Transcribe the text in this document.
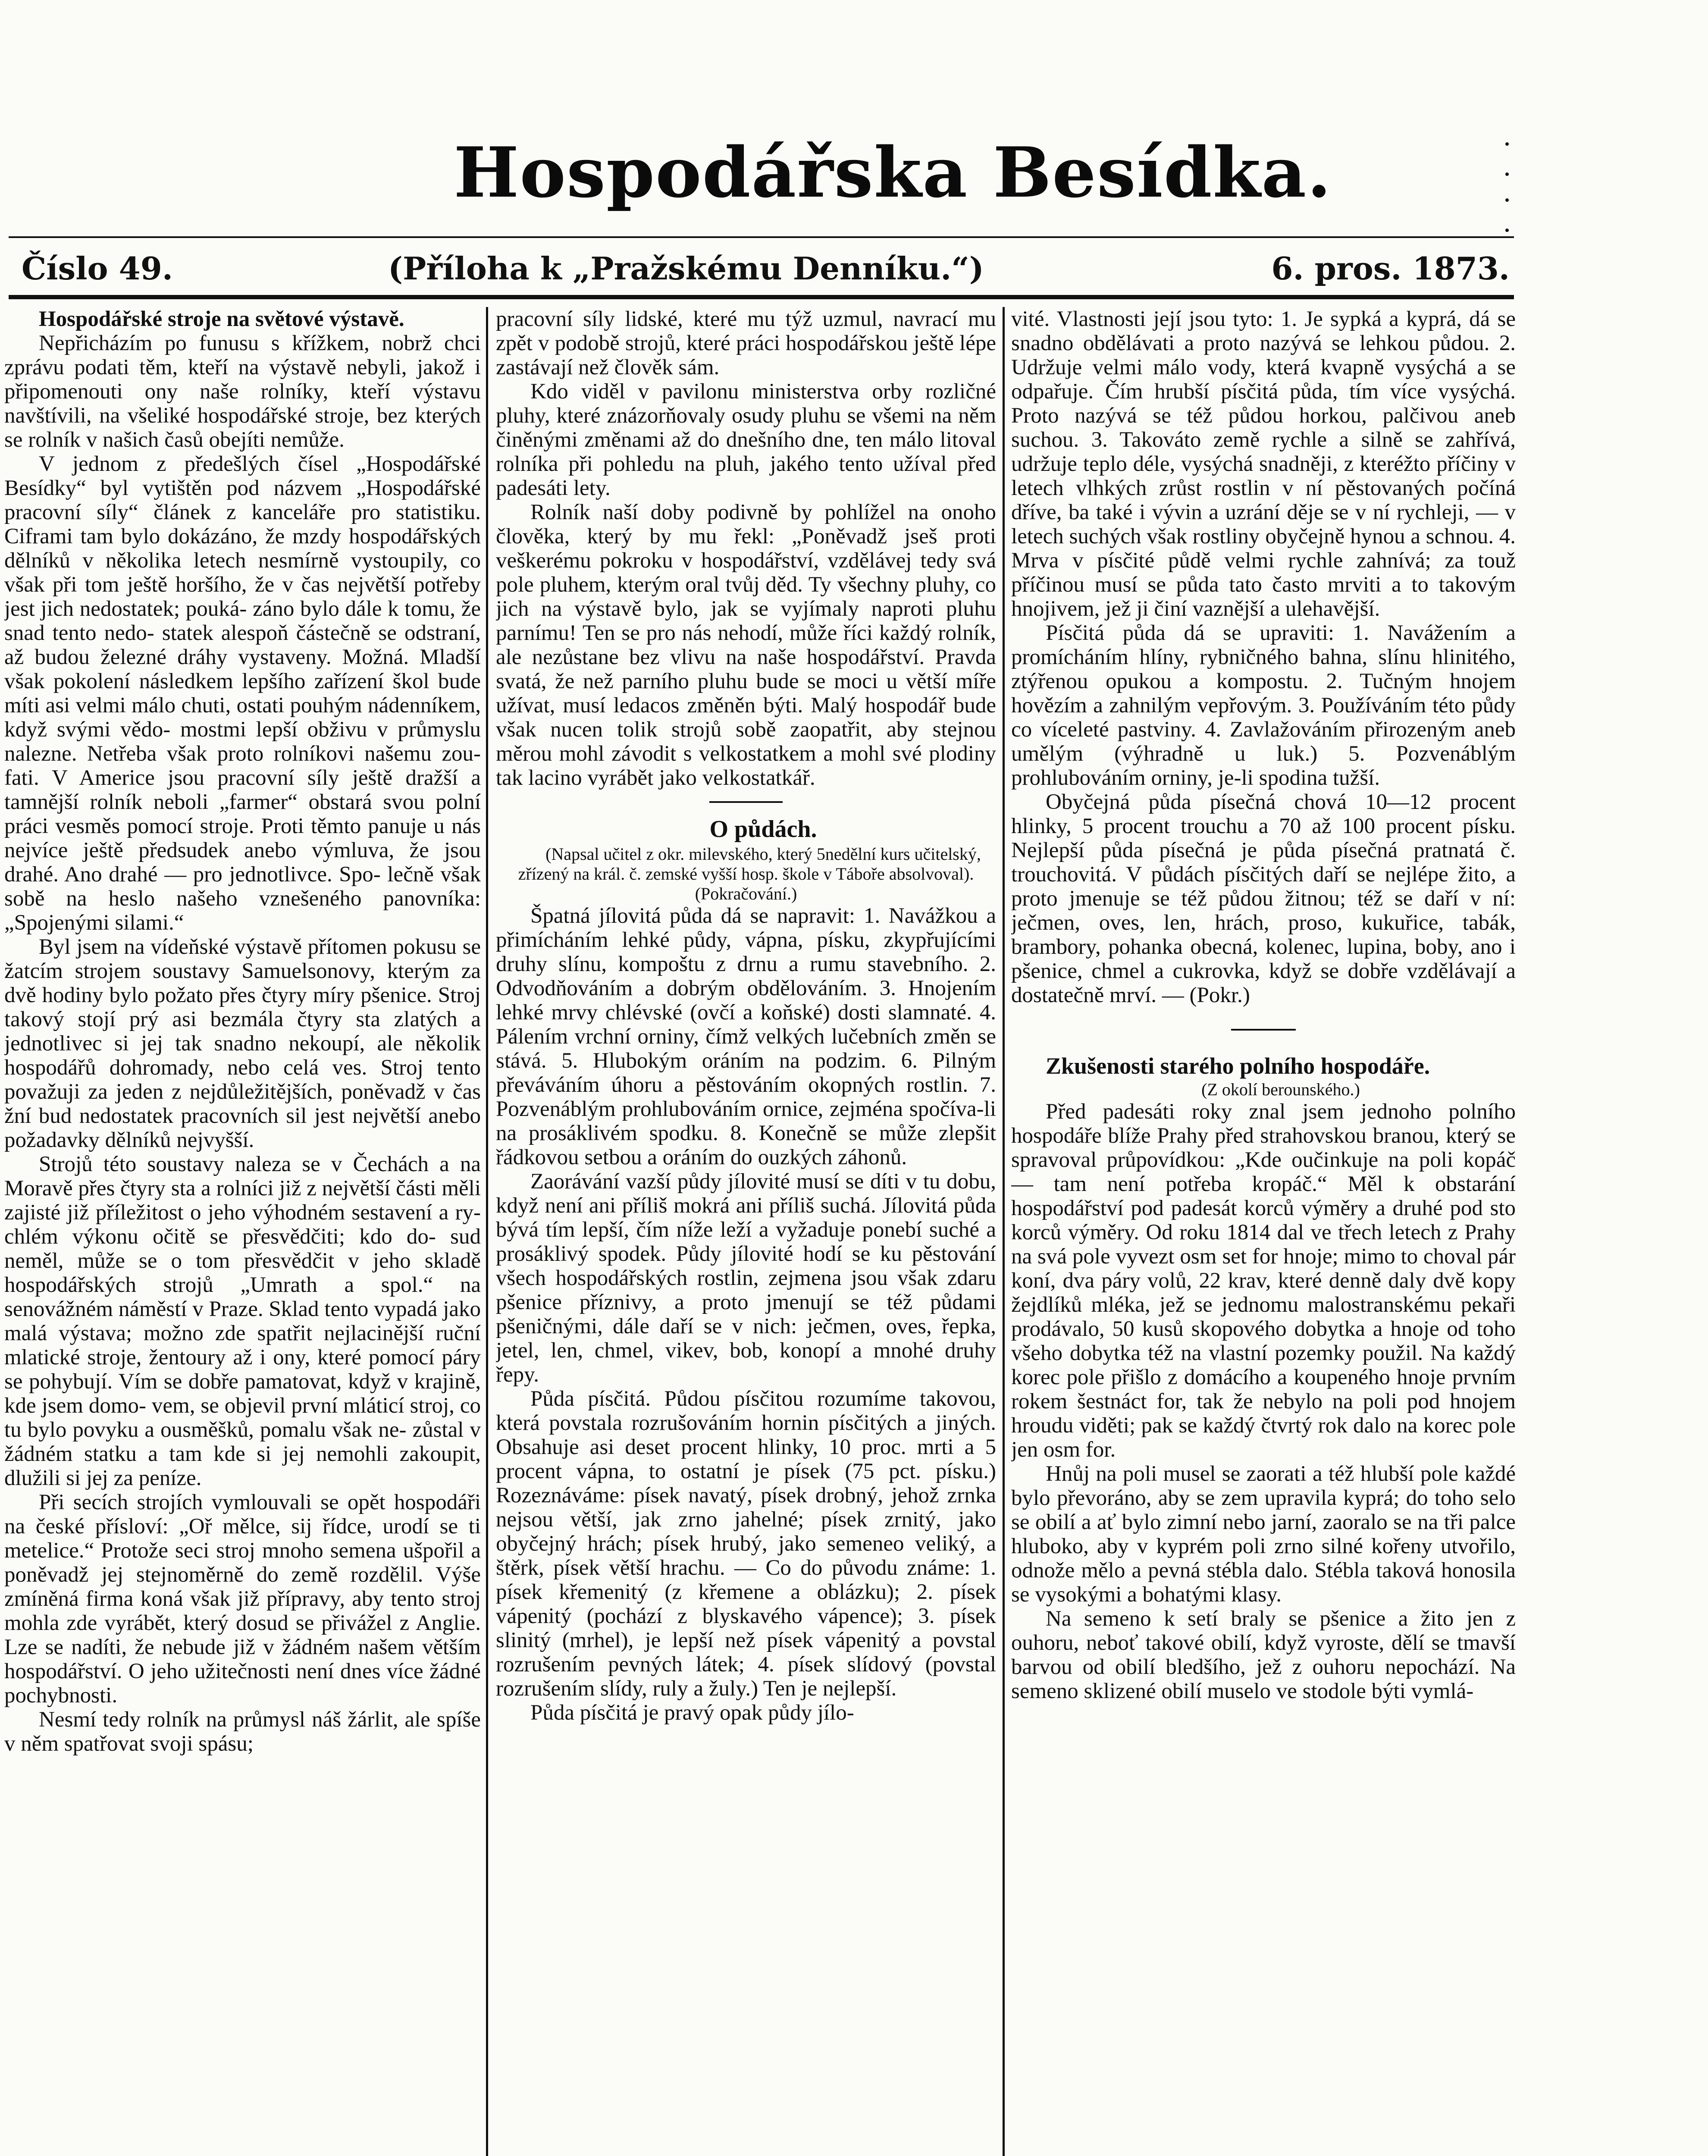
Hospodářska Besídka.
Číslo 49.	(Příloha k „Pražskému Denníku.“)	6. pros. 1873.

Hospodářské stroje na světové výstavě.

Nepřicházím po funusu s křížkem, nobrž chci zprávu podati těm, kteří na výstavě nebyli, jakož i připomenouti ony naše rolníky, kteří výstavu navštívili, na všeliké hospodářské stroje, bez kterých se rolník v našich časů obejíti nemůže.

V jednom z předešlých čísel „Hospodářské Besídky“ byl vytištěn pod názvem „Hospodářské pracovní síly“ článek z kanceláře pro statistiku. Ciframi tam bylo dokázáno, že mzdy hospodářských dělníků v několika letech nesmírně vystoupily, co však při tom ještě horšího, že v čas největší potřeby jest jich nedostatek; pouká- záno bylo dále k tomu, že snad tento nedo- statek alespoň částečně se odstraní, až budou železné dráhy vystaveny. Možná. Mladší však pokolení následkem lepšího zařízení škol bude míti asi velmi málo chuti, ostati pouhým nádenníkem, když svými vědo- mostmi lepší obživu v průmyslu nalezne. Netřeba však proto rolníkovi našemu zou- fati. V Americe jsou pracovní síly ještě dražší a tamnější rolník neboli „farmer“ obstará svou polní práci vesměs pomocí stroje. Proti těmto panuje u nás nejvíce ještě předsudek anebo výmluva, že jsou drahé. Ano drahé — pro jednotlivce. Spo- lečně však sobě na heslo našeho vznešeného panovníka: „Spojenými silami.“

Byl jsem na vídeňské výstavě přítomen pokusu se žatcím strojem soustavy Samuelsonovy, kterým za dvě hodiny bylo požato přes čtyry míry pšenice. Stroj takový stojí prý asi bezmála čtyry sta zlatých a jednotlivec si jej tak snadno nekoupí, ale několik hospodářů dohromady, nebo celá ves. Stroj tento považuji za jeden z nejdůležitějších, poněvadž v čas žní bud nedostatek pracovních sil jest největší anebo požadavky dělníků nejvyšší.

Strojů této soustavy naleza se v Čechách a na Moravě přes čtyry sta a rolníci již z největší části měli zajisté již příležitost o jeho výhodném sestavení a ry- chlém výkonu očitě se přesvědčiti; kdo do- sud neměl, může se o tom přesvědčit v jeho skladě hospodářských strojů „Umrath a spol.“ na senovážném náměstí v Praze. Sklad tento vypadá jako malá výstava; možno zde spatřit nejlacinější ruční mlatické stroje, žentoury až i ony, které pomocí páry se pohybují. Vím se dobře pamatovat, když v krajině, kde jsem domo- vem, se objevil první mláticí stroj, co tu bylo povyku a ousměšků, pomalu však ne- zůstal v žádném statku a tam kde si jej nemohli zakoupit, dlužili si jej za peníze.

Při secích strojích vymlouvali se opět hospodáři na české přísloví: „Oř mělce, sij řídce, urodí se ti metelice.“ Protože seci stroj mnoho semena ušpořil a poněvadž jej stejnoměrně do země rozdělil. Výše zmíněná firma koná však již přípravy, aby tento stroj mohla zde vyrábět, který dosud se přivážel z Anglie. Lze se nadíti, že nebude již v žádném našem větším hospodářství. O jeho užitečnosti není dnes více žádné pochybnosti.

Nesmí tedy rolník na průmysl náš žárlit, ale spíše v něm spatřovat svoji spásu;

pracovní síly lidské, které mu týž uzmul, navrací mu zpět v podobě strojů, které práci hospodářskou ještě lépe zastávají než člověk sám.

Kdo viděl v pavilonu ministerstva orby rozličné pluhy, které znázorňovaly osudy pluhu se všemi na něm činěnými změnami až do dnešního dne, ten málo litoval rolníka při pohledu na pluh, jakého tento užíval před padesáti lety.

Rolník naší doby podivně by pohlížel na onoho člověka, který by mu řekl: „Poněvadž jseš proti veškerému pokroku v hospodářství, vzdělávej tedy svá pole pluhem, kterým oral tvůj děd. Ty všechny pluhy, co jich na výstavě bylo, jak se vyjímaly naproti pluhu parnímu! Ten se pro nás nehodí, může říci každý rolník, ale nezůstane bez vlivu na naše hospodářství. Pravda svatá, že než parního pluhu bude se moci u větší míře užívat, musí ledacos změněn býti. Malý hospodář bude však nucen tolik strojů sobě zaopatřit, aby stejnou měrou mohl závodit s velkostatkem a mohl své plodiny tak lacino vyrábět jako velkostatkář.

O půdách.

(Napsal učitel z okr. milevského, který 5nedělní kurs učitelský, zřízený na král. č. zemské vyšší hosp. škole v Táboře absolvoval). (Pokračování.)

Špatná jílovitá půda dá se napravit: 1. Navážkou a přimícháním lehké půdy, vápna, písku, zkypřujícími druhy slínu, kompoštu z drnu a rumu stavebního. 2. Odvodňováním a dobrým obdělováním. 3. Hnojením lehké mrvy chlévské (ovčí a koňské) dosti slamnaté. 4. Pálením vrchní orniny, čímž velkých lučebních změn se stává. 5. Hlubokým oráním na podzim. 6. Pilným převáváním úhoru a pěstováním okopných rostlin. 7. Pozvenáblým prohlubováním ornice, zejména spočíva-li na prosáklivém spodku. 8. Konečně se může zlepšit řádkovou setbou a oráním do ouzkých záhonů.

Zaorávání vazší půdy jílovité musí se díti v tu dobu, když není ani příliš mokrá ani příliš suchá. Jílovitá půda bývá tím lepší, čím níže leží a vyžaduje ponebí suché a prosáklivý spodek. Půdy jílovité hodí se ku pěstování všech hospodářských rostlin, zejmena jsou však zdaru pšenice příznivy, a proto jmenují se též půdami pšeničnými, dále daří se v nich: ječmen, oves, řepka, jetel, len, chmel, vikev, bob, konopí a mnohé druhy řepy.

Půda písčitá. Půdou písčitou rozumíme takovou, která povstala rozrušováním hornin písčitých a jiných. Obsahuje asi deset procent hlinky, 10 proc. mrti a 5 procent vápna, to ostatní je písek (75 pct. písku.) Rozeznáváme: písek navatý, písek drobný, jehož zrnka nejsou větší, jak zrno jahelné; písek zrnitý, jako obyčejný hrách; písek hrubý, jako semeneo veliký, a štěrk, písek větší hrachu. — Co do původu známe: 1. písek křemenitý (z křemene a oblázku); 2. písek vápenitý (pochází z blyskavého vápence); 3. písek slinitý (mrhel), je lepší než písek vápenitý a povstal rozrušením pevných látek; 4. písek slídový (povstal rozrušením slídy, ruly a žuly.) Ten je nejlepší.

Půda písčitá je pravý opak půdy jílo-

vité. Vlastnosti její jsou tyto: 1. Je sypká a kyprá, dá se snadno obdělávati a proto nazývá se lehkou půdou. 2. Udržuje velmi málo vody, která kvapně vysýchá a se odpařuje. Čím hrubší písčitá půda, tím více vysýchá. Proto nazývá se též půdou horkou, palčivou aneb suchou. 3. Takováto země rychle a silně se zahřívá, udržuje teplo déle, vysýchá snadněji, z kteréžto příčiny v letech vlhkých zrůst rostlin v ní pěstovaných počíná dříve, ba také i vývin a uzrání děje se v ní rychleji, — v letech suchých však rostliny obyčejně hynou a schnou. 4. Mrva v písčité půdě velmi rychle zahnívá; za touž příčinou musí se půda tato často mrviti a to takovým hnojivem, jež ji činí vaznější a ulehavější.

Písčitá půda dá se upraviti: 1. Navážením a promícháním hlíny, rybničného bahna, slínu hlinitého, ztýřenou opukou a kompostu. 2. Tučným hnojem hovězím a zahnilým vepřovým. 3. Používáním této půdy co víceleté pastviny. 4. Zavlažováním přirozeným aneb umělým (výhradně u luk.) 5. Pozvenáblým prohlubováním orniny, je-li spodina tužší.

Obyčejná půda písečná chová 10—12 procent hlinky, 5 procent trouchu a 70 až 100 procent písku. Nejlepší půda písečná je půda písečná pratnatá č. trouchovitá. V půdách písčitých daří se nejlépe žito, a proto jmenuje se též půdou žitnou; též se daří v ní: ječmen, oves, len, hrách, proso, kukuřice, tabák, brambory, pohanka obecná, kolenec, lupina, boby, ano i pšenice, chmel a cukrovka, když se dobře vzdělávají a dostatečně mrví. — (Pokr.)

Zkušenosti starého polního hospodáře.

(Z okolí berounského.)

Před padesáti roky znal jsem jednoho polního hospodáře blíže Prahy před strahovskou branou, který se spravoval průpovídkou: „Kde oučinkuje na poli kopáč — tam není potřeba kropáč.“ Měl k obstarání hospodářství pod padesát korců výměry a druhé pod sto korců výměry. Od roku 1814 dal ve třech letech z Prahy na svá pole vyvezt osm set for hnoje; mimo to choval pár koní, dva páry volů, 22 krav, které denně daly dvě kopy žejdlíků mléka, jež se jednomu malostranskému pekaři prodávalo, 50 kusů skopového dobytka a hnoje od toho všeho dobytka též na vlastní pozemky použil. Na každý korec pole přišlo z domácího a koupeného hnoje prvním rokem šestnáct for, tak že nebylo na poli pod hnojem hroudu viděti; pak se každý čtvrtý rok dalo na korec pole jen osm for.

Hnůj na poli musel se zaorati a též hlubší pole každé bylo převoráno, aby se zem upravila kyprá; do toho selo se obilí a ať bylo zimní nebo jarní, zaoralo se na tři palce hluboko, aby v kyprém poli zrno silné kořeny utvořilo, odnože mělo a pevná stébla dalo. Stébla taková honosila se vysokými a bohatými klasy.

Na semeno k setí braly se pšenice a žito jen z ouhoru, neboť takové obilí, když vyroste, dělí se tmavší barvou od obilí bledšího, jež z ouhoru nepochází. Na semeno sklizené obilí muselo ve stodole býti vymlá-
